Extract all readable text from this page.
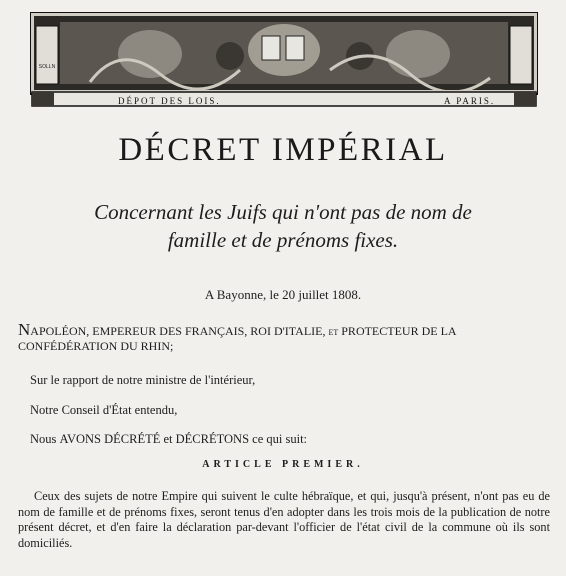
SOLLN
DÉPOT DES LOIS.	A PARIS.
DÉCRET IMPÉRIAL
Concernant les Juifs qui n'ont pas de nom de
famille et de prénoms fixes.
A Bayonne, le 20 juillet 1808.
NAPOLÉON, EMPEREUR DES FRANÇAIS, ROI D'ITALIE, et PROTECTEUR DE LA CONFÉDÉRATION DU RHIN;
Sur le rapport de notre ministre de l'intérieur,
Notre Conseil d'État entendu,
Nous AVONS DÉCRÉTÉ et DÉCRÉTONS ce qui suit:
ARTICLE PREMIER.
Ceux des sujets de notre Empire qui suivent le culte hébraïque, et qui, jusqu'à présent, n'ont pas eu de nom de famille et de prénoms fixes, seront tenus d'en adopter dans les trois mois de la publication de notre présent décret, et d'en faire la déclaration par-devant l'officier de l'état civil de la commune où ils sont domiciliés.
